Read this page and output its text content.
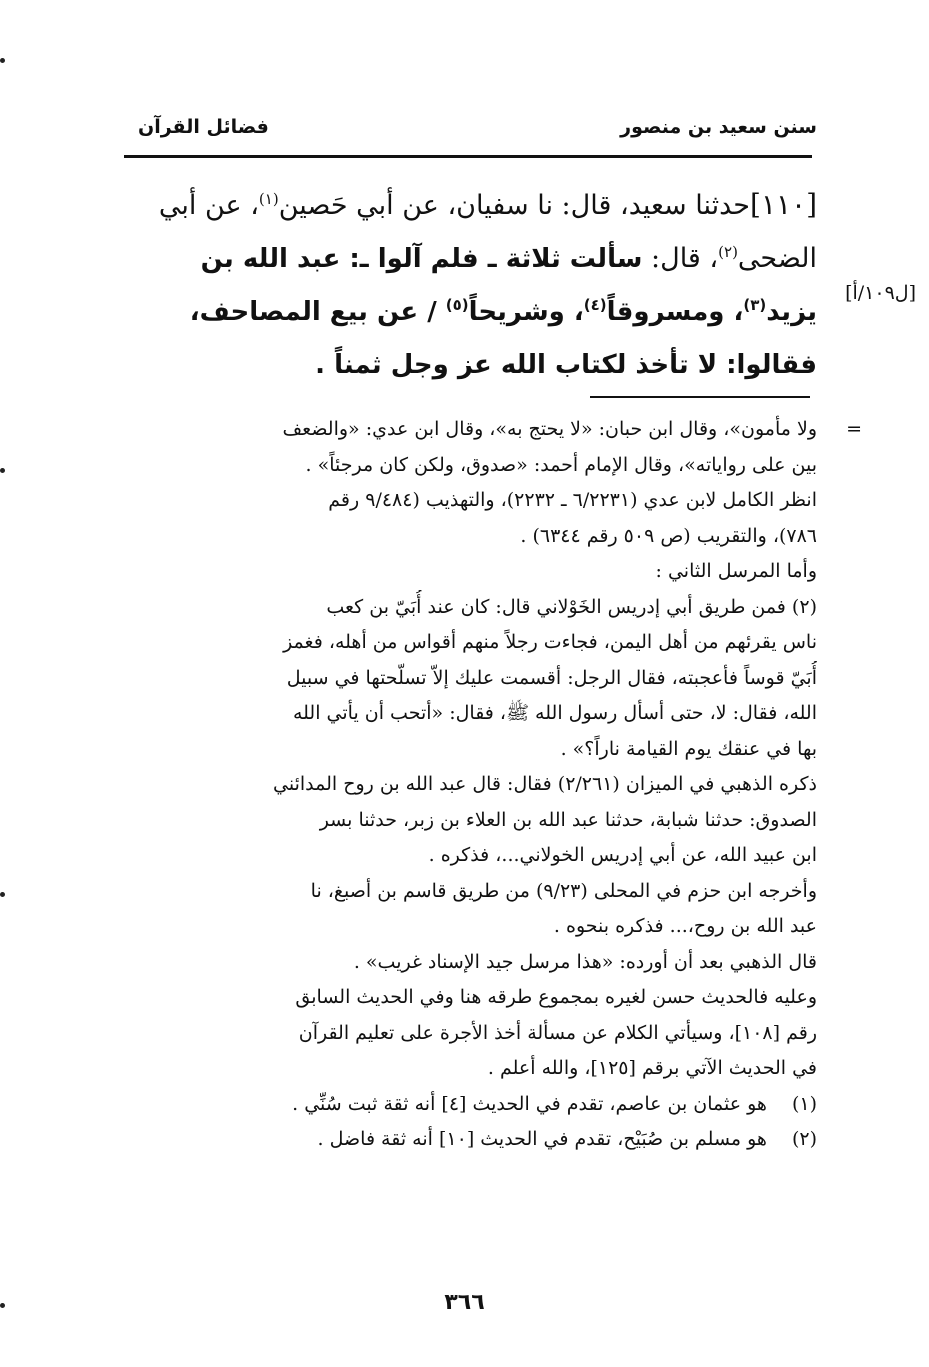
سنن سعيد بن منصور
فضائل القرآن
[١١٠]حدثنا سعيد، قال: نا سفيان، عن أبي حَصين$^{(١)}$، عن أبي
الضحى$^{(٢)}$، قال: سألت ثلاثة ـ فلم آلوا ـ: عبد الله بن
يزيد$^{(٣)}$، ومسروقاً$^{(٤)}$، وشريحاً$^{(٥)}$ / عن بيع المصاحف،
فقالوا: لا تأخذ لكتاب الله عز وجل ثمناً .
[ل١٠٩/أ]
=
ولا مأمون»، وقال ابن حبان: «لا يحتج به»، وقال ابن عدي: «والضعف
بين على رواياته»، وقال الإمام أحمد: «صدوق، ولكن كان مرجئاً» .
انظر الكامل لابن عدي (٦/٢٢٣١ ـ ٢٢٣٢)، والتهذيب (٩/٤٨٤ رقم
٧٨٦)، والتقريب (ص ٥٠٩ رقم ٦٣٤٤) .
وأما المرسل الثاني :
(٢) فمن طريق أبي إدريس الخَوْلاني قال: كان عند أُبَيّ بن كعب
ناس يقرئهم من أهل اليمن، فجاءت رجلاً منهم أقواس من أهله، فغمز
أُبَيّ قوساً فأعجبته، فقال الرجل: أقسمت عليك إلاّ تسلّحتها في سبيل
الله، فقال: لا، حتى أسأل رسول الله ﷺ، فقال: «أتحب أن يأتي الله
بها في عنقك يوم القيامة ناراً؟» .
ذكره الذهبي في الميزان (٢/٢٦١) فقال: قال عبد الله بن روح المدائني
الصدوق: حدثنا شبابة، حدثنا عبد الله بن العلاء بن زبر، حدثنا بسر
ابن عبيد الله، عن أبي إدريس الخولاني...، فذكره .
وأخرجه ابن حزم في المحلى (٩/٢٣) من طريق قاسم بن أصبغ، نا
عبد الله بن روح،... فذكره بنحوه .
قال الذهبي بعد أن أورده: «هذا مرسل جيد الإسناد غريب» .
وعليه فالحديث حسن لغيره بمجموع طرقه هنا وفي الحديث السابق
رقم [١٠٨]، وسيأتي الكلام عن مسألة أخذ الأجرة على تعليم القرآن
في الحديث الآتي برقم [١٢٥]، والله أعلم .
(١) هو عثمان بن عاصم، تقدم في الحديث [٤] أنه ثقة ثبت سُنِّي .
(٢) هو مسلم بن صُبَيْح، تقدم في الحديث [١٠] أنه ثقة فاضل .
٣٦٦
